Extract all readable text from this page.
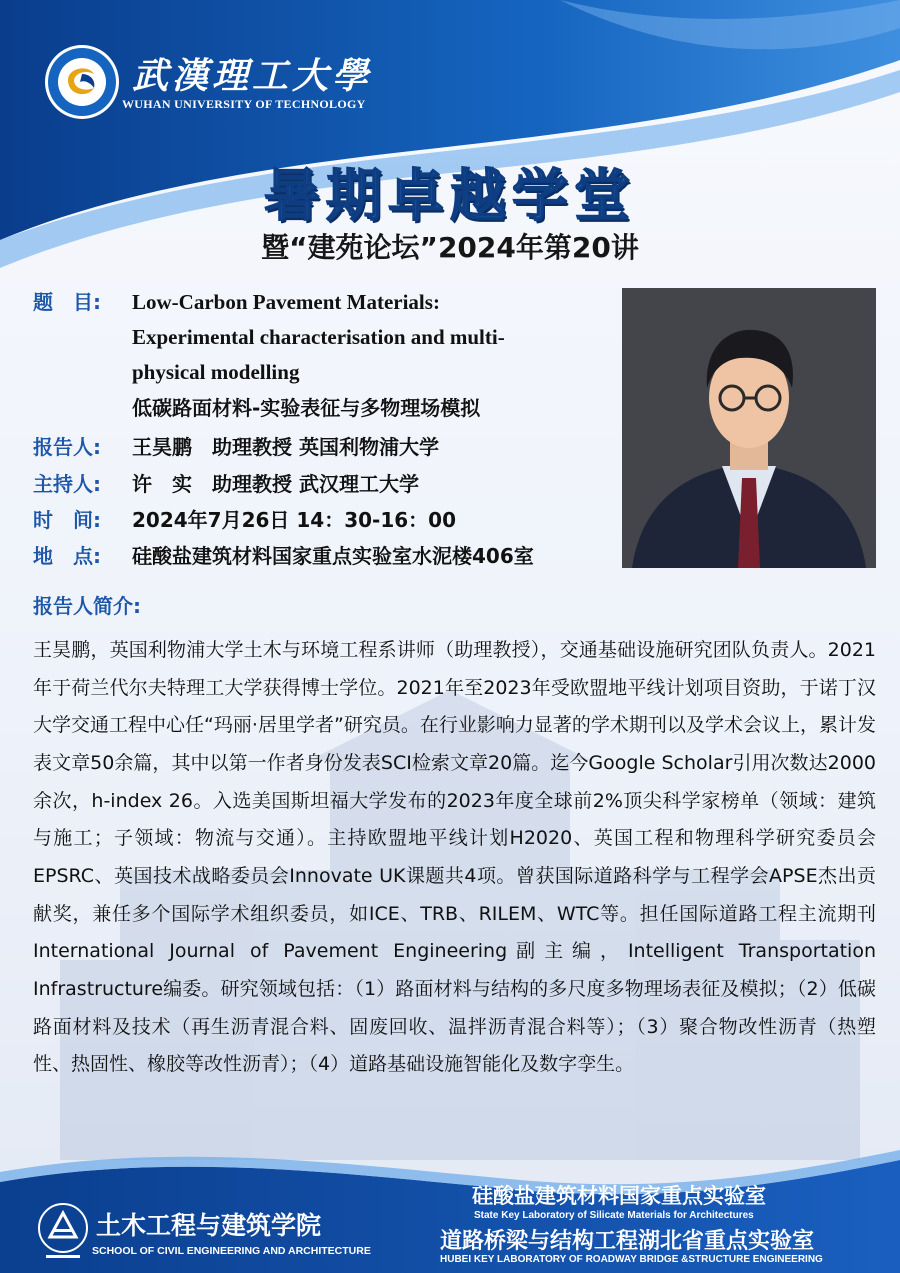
武漢理工大學
WUHAN UNIVERSITY OF TECHNOLOGY
暑期卓越学堂
暨“建苑论坛”2024年第20讲
题　目: Low-Carbon Pavement Materials:
Experimental characterisation and multi-
physical modelling
低碳路面材料-实验表征与多物理场模拟
报告人: 王昊鹏　助理教授 英国利物浦大学
主持人: 许　实　助理教授 武汉理工大学
时　间: 2024年7月26日 14：30-16：00
地　点: 硅酸盐建筑材料国家重点实验室水泥楼406室
报告人简介:
王昊鹏，英国利物浦大学土木与环境工程系讲师（助理教授），交通基础设施研究团队负责人。2021年于荷兰代尔夫特理工大学获得博士学位。2021年至2023年受欧盟地平线计划项目资助，于诺丁汉大学交通工程中心任“玛丽·居里学者”研究员。在行业影响力显著的学术期刊以及学术会议上，累计发表文章50余篇，其中以第一作者身份发表SCI检索文章20篇。迄今Google Scholar引用次数达2000余次，h-index 26。入选美国斯坦福大学发布的2023年度全球前2%顶尖科学家榜单（领域：建筑与施工；子领域：物流与交通）。主持欧盟地平线计划H2020、英国工程和物理科学研究委员会EPSRC、英国技术战略委员会Innovate UK课题共4项。曾获国际道路科学与工程学会APSE杰出贡献奖，兼任多个国际学术组织委员，如ICE、TRB、RILEM、WTC等。担任国际道路工程主流期刊International Journal of Pavement Engineering副主编，Intelligent Transportation Infrastructure编委。研究领域包括：（1）路面材料与结构的多尺度多物理场表征及模拟；（2）低碳路面材料及技术（再生沥青混合料、固废回收、温拌沥青混合料等）；（3）聚合物改性沥青（热塑性、热固性、橡胶等改性沥青）；（4）道路基础设施智能化及数字孪生。
土木工程与建筑学院
SCHOOL OF CIVIL ENGINEERING AND ARCHITECTURE
硅酸盐建筑材料国家重点实验室
State Key Laboratory of Silicate Materials for Architectures
道路桥梁与结构工程湖北省重点实验室
HUBEI KEY LABORATORY OF ROADWAY BRIDGE &STRUCTURE ENGINEERING
